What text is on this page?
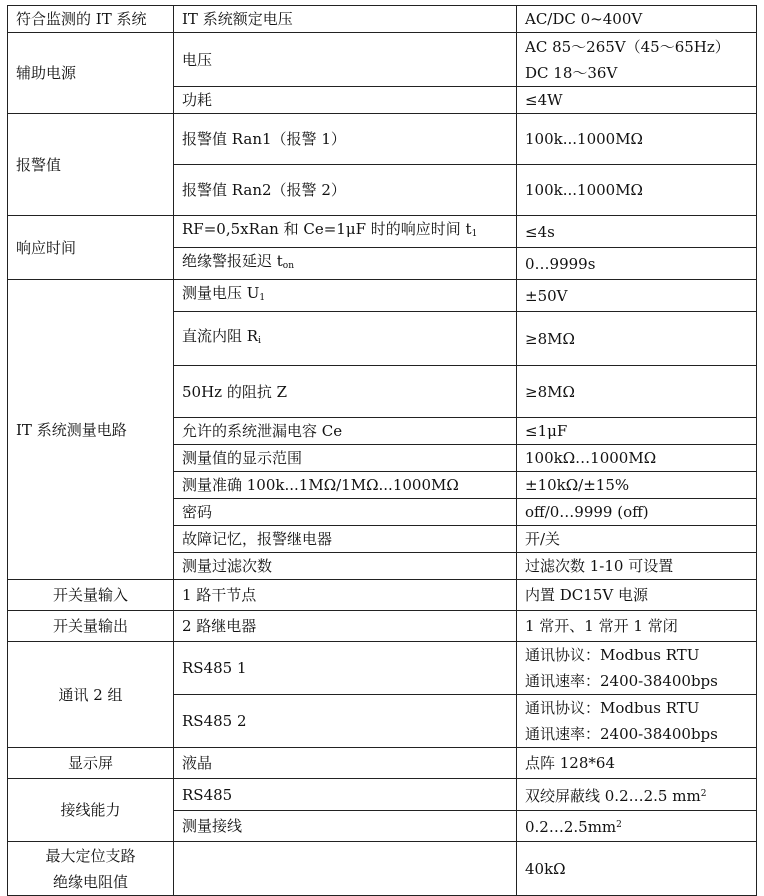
符合监测的 IT 系统	IT 系统额定电压	AC/DC 0~400V
辅助电源	电压	AC 85～265V（45～65Hz）
DC 18～36V

	功耗	≤4W
报警值	报警值 Ran1（报警 1）	100k...1000MΩ
	报警值 Ran2（报警 2）	100k...1000MΩ
响应时间	RF=0,5xRan 和 Ce=1μF 时的响应时间 $t_1$	≤4s
	绝缘警报延迟 $t_{on}$	0…9999s
IT 系统测量电路	测量电压 $U_1$	±50V
	直流内阻 $R_i$	≥8MΩ
	50Hz 的阻抗 Z	≥8MΩ
	允许的系统泄漏电容 Ce	≤1μF
	测量值的显示范围	100kΩ…1000MΩ
	测量准确 100k...1MΩ/1MΩ...1000MΩ	±10kΩ/±15%
	密码	off/0…9999 (off)
	故障记忆，报警继电器	开/关
	测量过滤次数	过滤次数 1-10 可设置
开关量输入	1 路干节点	内置 DC15V 电源
开关量输出	2 路继电器	1 常开、1 常开 1 常闭
通讯 2 组	RS485 1	通讯协议：Modbus RTU
通讯速率：2400-38400bps

	RS485 2	通讯协议：Modbus RTU
通讯速率：2400-38400bps

显示屏	液晶	点阵 128*64
接线能力	RS485	双绞屏蔽线 0.2…2.5 $mm^2$
	测量接线	$0.2\dots 2.5mm^2$

最大定位支路
绝缘电阻值		40kΩ
